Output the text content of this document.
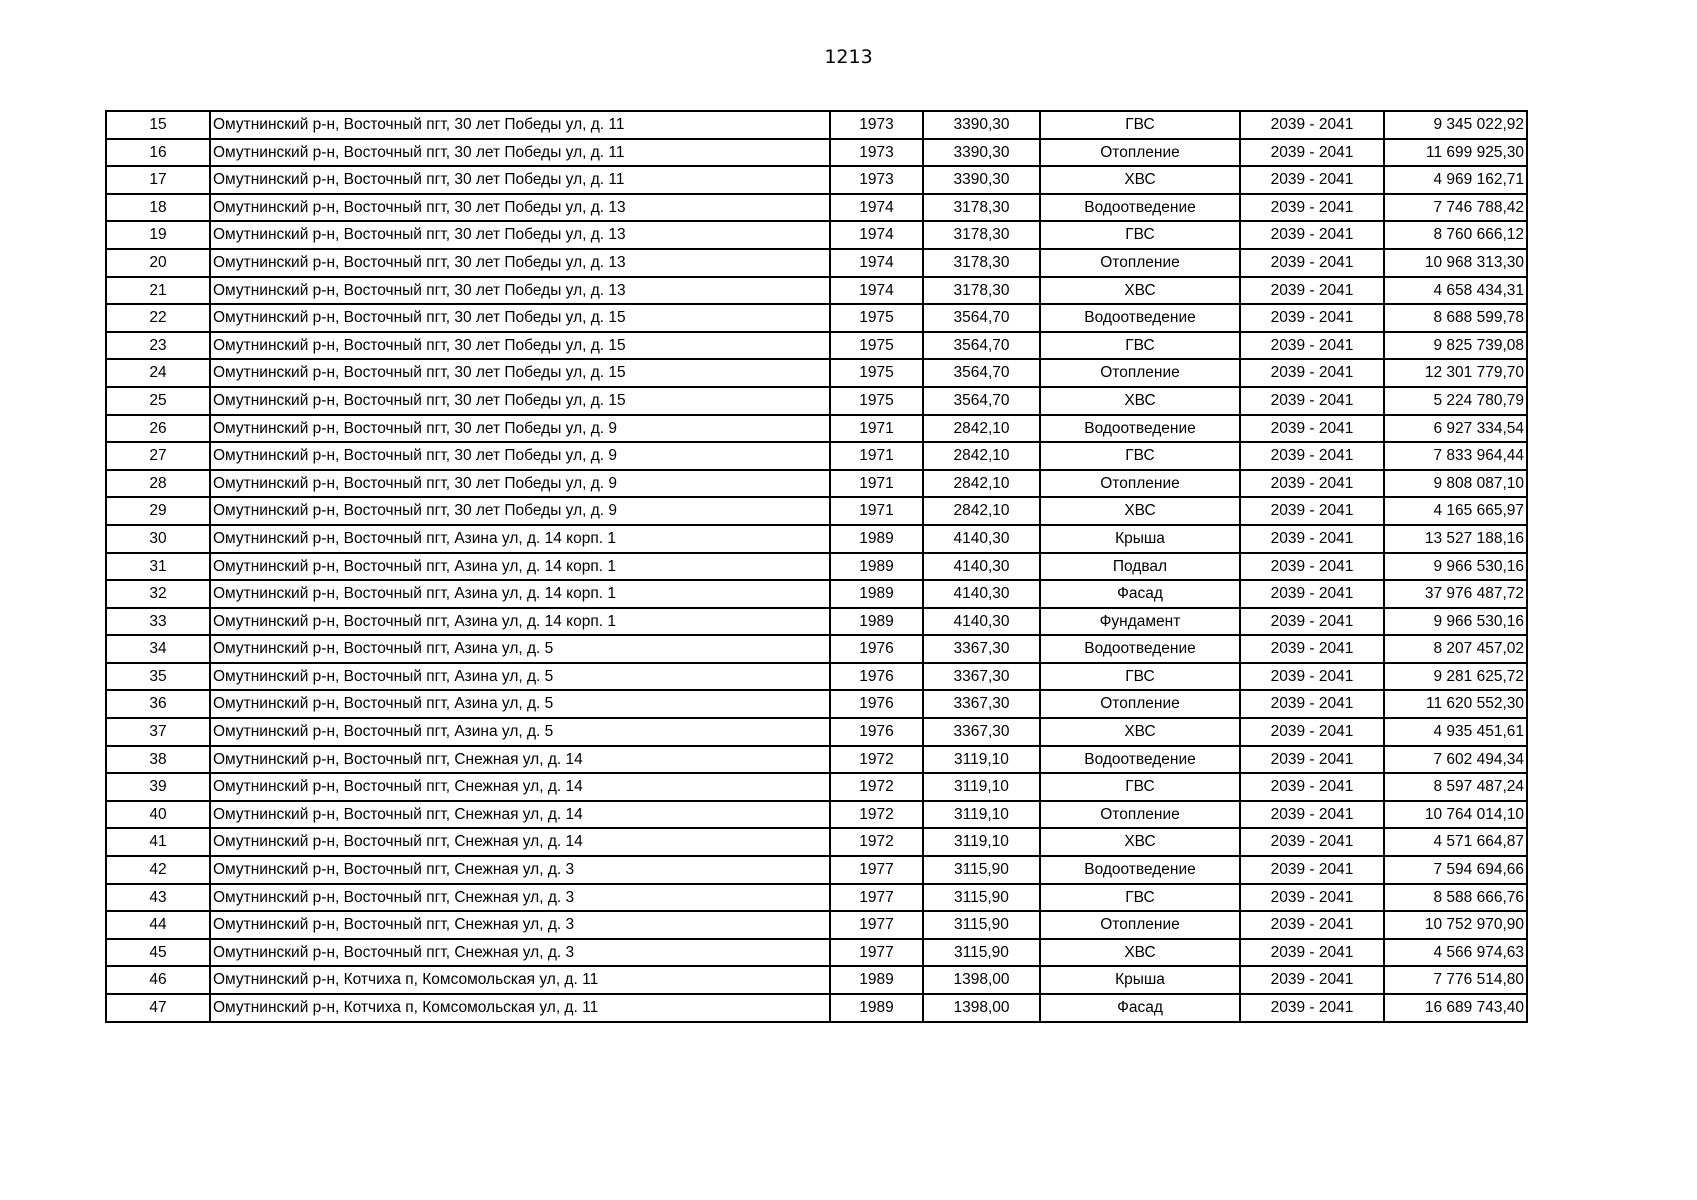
1213
15	Омутнинский р-н, Восточный пгт, 30 лет Победы ул, д. 11	1973	3390,30	ГВС	2039 - 2041	9 345 022,92
16	Омутнинский р-н, Восточный пгт, 30 лет Победы ул, д. 11	1973	3390,30	Отопление	2039 - 2041	11 699 925,30
17	Омутнинский р-н, Восточный пгт, 30 лет Победы ул, д. 11	1973	3390,30	ХВС	2039 - 2041	4 969 162,71
18	Омутнинский р-н, Восточный пгт, 30 лет Победы ул, д. 13	1974	3178,30	Водоотведение	2039 - 2041	7 746 788,42
19	Омутнинский р-н, Восточный пгт, 30 лет Победы ул, д. 13	1974	3178,30	ГВС	2039 - 2041	8 760 666,12
20	Омутнинский р-н, Восточный пгт, 30 лет Победы ул, д. 13	1974	3178,30	Отопление	2039 - 2041	10 968 313,30
21	Омутнинский р-н, Восточный пгт, 30 лет Победы ул, д. 13	1974	3178,30	ХВС	2039 - 2041	4 658 434,31
22	Омутнинский р-н, Восточный пгт, 30 лет Победы ул, д. 15	1975	3564,70	Водоотведение	2039 - 2041	8 688 599,78
23	Омутнинский р-н, Восточный пгт, 30 лет Победы ул, д. 15	1975	3564,70	ГВС	2039 - 2041	9 825 739,08
24	Омутнинский р-н, Восточный пгт, 30 лет Победы ул, д. 15	1975	3564,70	Отопление	2039 - 2041	12 301 779,70
25	Омутнинский р-н, Восточный пгт, 30 лет Победы ул, д. 15	1975	3564,70	ХВС	2039 - 2041	5 224 780,79
26	Омутнинский р-н, Восточный пгт, 30 лет Победы ул, д. 9	1971	2842,10	Водоотведение	2039 - 2041	6 927 334,54
27	Омутнинский р-н, Восточный пгт, 30 лет Победы ул, д. 9	1971	2842,10	ГВС	2039 - 2041	7 833 964,44
28	Омутнинский р-н, Восточный пгт, 30 лет Победы ул, д. 9	1971	2842,10	Отопление	2039 - 2041	9 808 087,10
29	Омутнинский р-н, Восточный пгт, 30 лет Победы ул, д. 9	1971	2842,10	ХВС	2039 - 2041	4 165 665,97
30	Омутнинский р-н, Восточный пгт, Азина ул, д. 14 корп. 1	1989	4140,30	Крыша	2039 - 2041	13 527 188,16
31	Омутнинский р-н, Восточный пгт, Азина ул, д. 14 корп. 1	1989	4140,30	Подвал	2039 - 2041	9 966 530,16
32	Омутнинский р-н, Восточный пгт, Азина ул, д. 14 корп. 1	1989	4140,30	Фасад	2039 - 2041	37 976 487,72
33	Омутнинский р-н, Восточный пгт, Азина ул, д. 14 корп. 1	1989	4140,30	Фундамент	2039 - 2041	9 966 530,16
34	Омутнинский р-н, Восточный пгт, Азина ул, д. 5	1976	3367,30	Водоотведение	2039 - 2041	8 207 457,02
35	Омутнинский р-н, Восточный пгт, Азина ул, д. 5	1976	3367,30	ГВС	2039 - 2041	9 281 625,72
36	Омутнинский р-н, Восточный пгт, Азина ул, д. 5	1976	3367,30	Отопление	2039 - 2041	11 620 552,30
37	Омутнинский р-н, Восточный пгт, Азина ул, д. 5	1976	3367,30	ХВС	2039 - 2041	4 935 451,61
38	Омутнинский р-н, Восточный пгт, Снежная ул, д. 14	1972	3119,10	Водоотведение	2039 - 2041	7 602 494,34
39	Омутнинский р-н, Восточный пгт, Снежная ул, д. 14	1972	3119,10	ГВС	2039 - 2041	8 597 487,24
40	Омутнинский р-н, Восточный пгт, Снежная ул, д. 14	1972	3119,10	Отопление	2039 - 2041	10 764 014,10
41	Омутнинский р-н, Восточный пгт, Снежная ул, д. 14	1972	3119,10	ХВС	2039 - 2041	4 571 664,87
42	Омутнинский р-н, Восточный пгт, Снежная ул, д. 3	1977	3115,90	Водоотведение	2039 - 2041	7 594 694,66
43	Омутнинский р-н, Восточный пгт, Снежная ул, д. 3	1977	3115,90	ГВС	2039 - 2041	8 588 666,76
44	Омутнинский р-н, Восточный пгт, Снежная ул, д. 3	1977	3115,90	Отопление	2039 - 2041	10 752 970,90
45	Омутнинский р-н, Восточный пгт, Снежная ул, д. 3	1977	3115,90	ХВС	2039 - 2041	4 566 974,63
46	Омутнинский р-н, Котчиха п, Комсомольская ул, д. 11	1989	1398,00	Крыша	2039 - 2041	7 776 514,80
47	Омутнинский р-н, Котчиха п, Комсомольская ул, д. 11	1989	1398,00	Фасад	2039 - 2041	16 689 743,40
